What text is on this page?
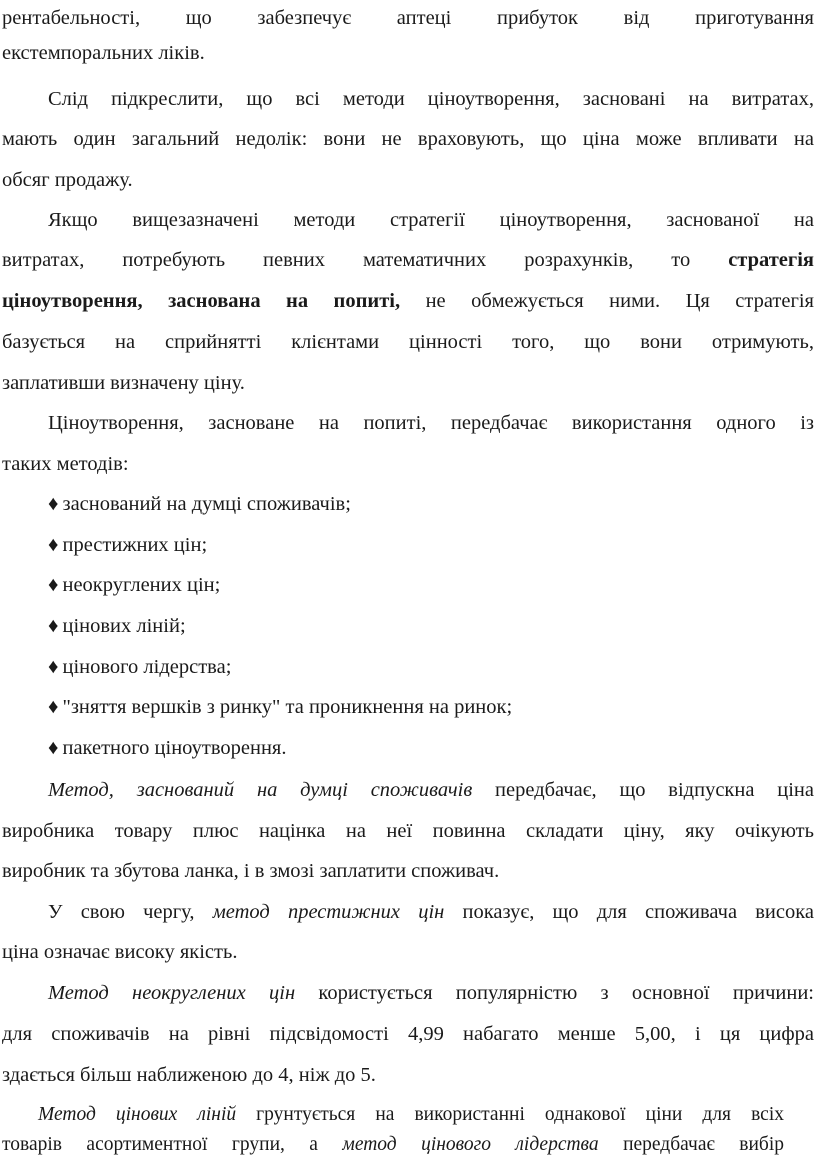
рентабельності, що забезпечує аптеці прибуток від приготування
екстемпоральних ліків.
Слід підкреслити, що всі методи ціноутворення, засновані на витратах,
мають один загальний недолік: вони не враховують, що ціна може впливати на
обсяг продажу.
Якщо вищезазначені методи стратегії ціноутворення, заснованої на
витратах, потребують певних математичних розрахунків, то стратегія
ціноутворення, заснована на попиті, не обмежується ними. Ця стратегія
базується на сприйнятті клієнтами цінності того, що вони отримують,
заплативши визначену ціну.
Ціноутворення, засноване на попиті, передбачає використання одного із
таких методів:
♦ заснований на думці споживачів;
♦ престижних цін;
♦ неокруглених цін;
♦ цінових ліній;
♦ цінового лідерства;
♦ "зняття вершків з ринку" та проникнення на ринок;
♦ пакетного ціноутворення.
Метод, заснований на думці споживачів передбачає, що відпускна ціна
виробника товару плюс націнка на неї повинна складати ціну, яку очікують
виробник та збутова ланка, і в змозі заплатити споживач.
У свою чергу, метод престижних цін показує, що для споживача висока
ціна означає високу якість.
Метод неокруглених цін користується популярністю з основної причини:
для споживачів на рівні підсвідомості 4,99 набагато менше 5,00, і ця цифра
здається більш наближеною до 4, ніж до 5.
Метод цінових ліній грунтується на використанні однакової ціни для всіх
товарів асортиментної групи, а метод цінового лідерства передбачає вибір
